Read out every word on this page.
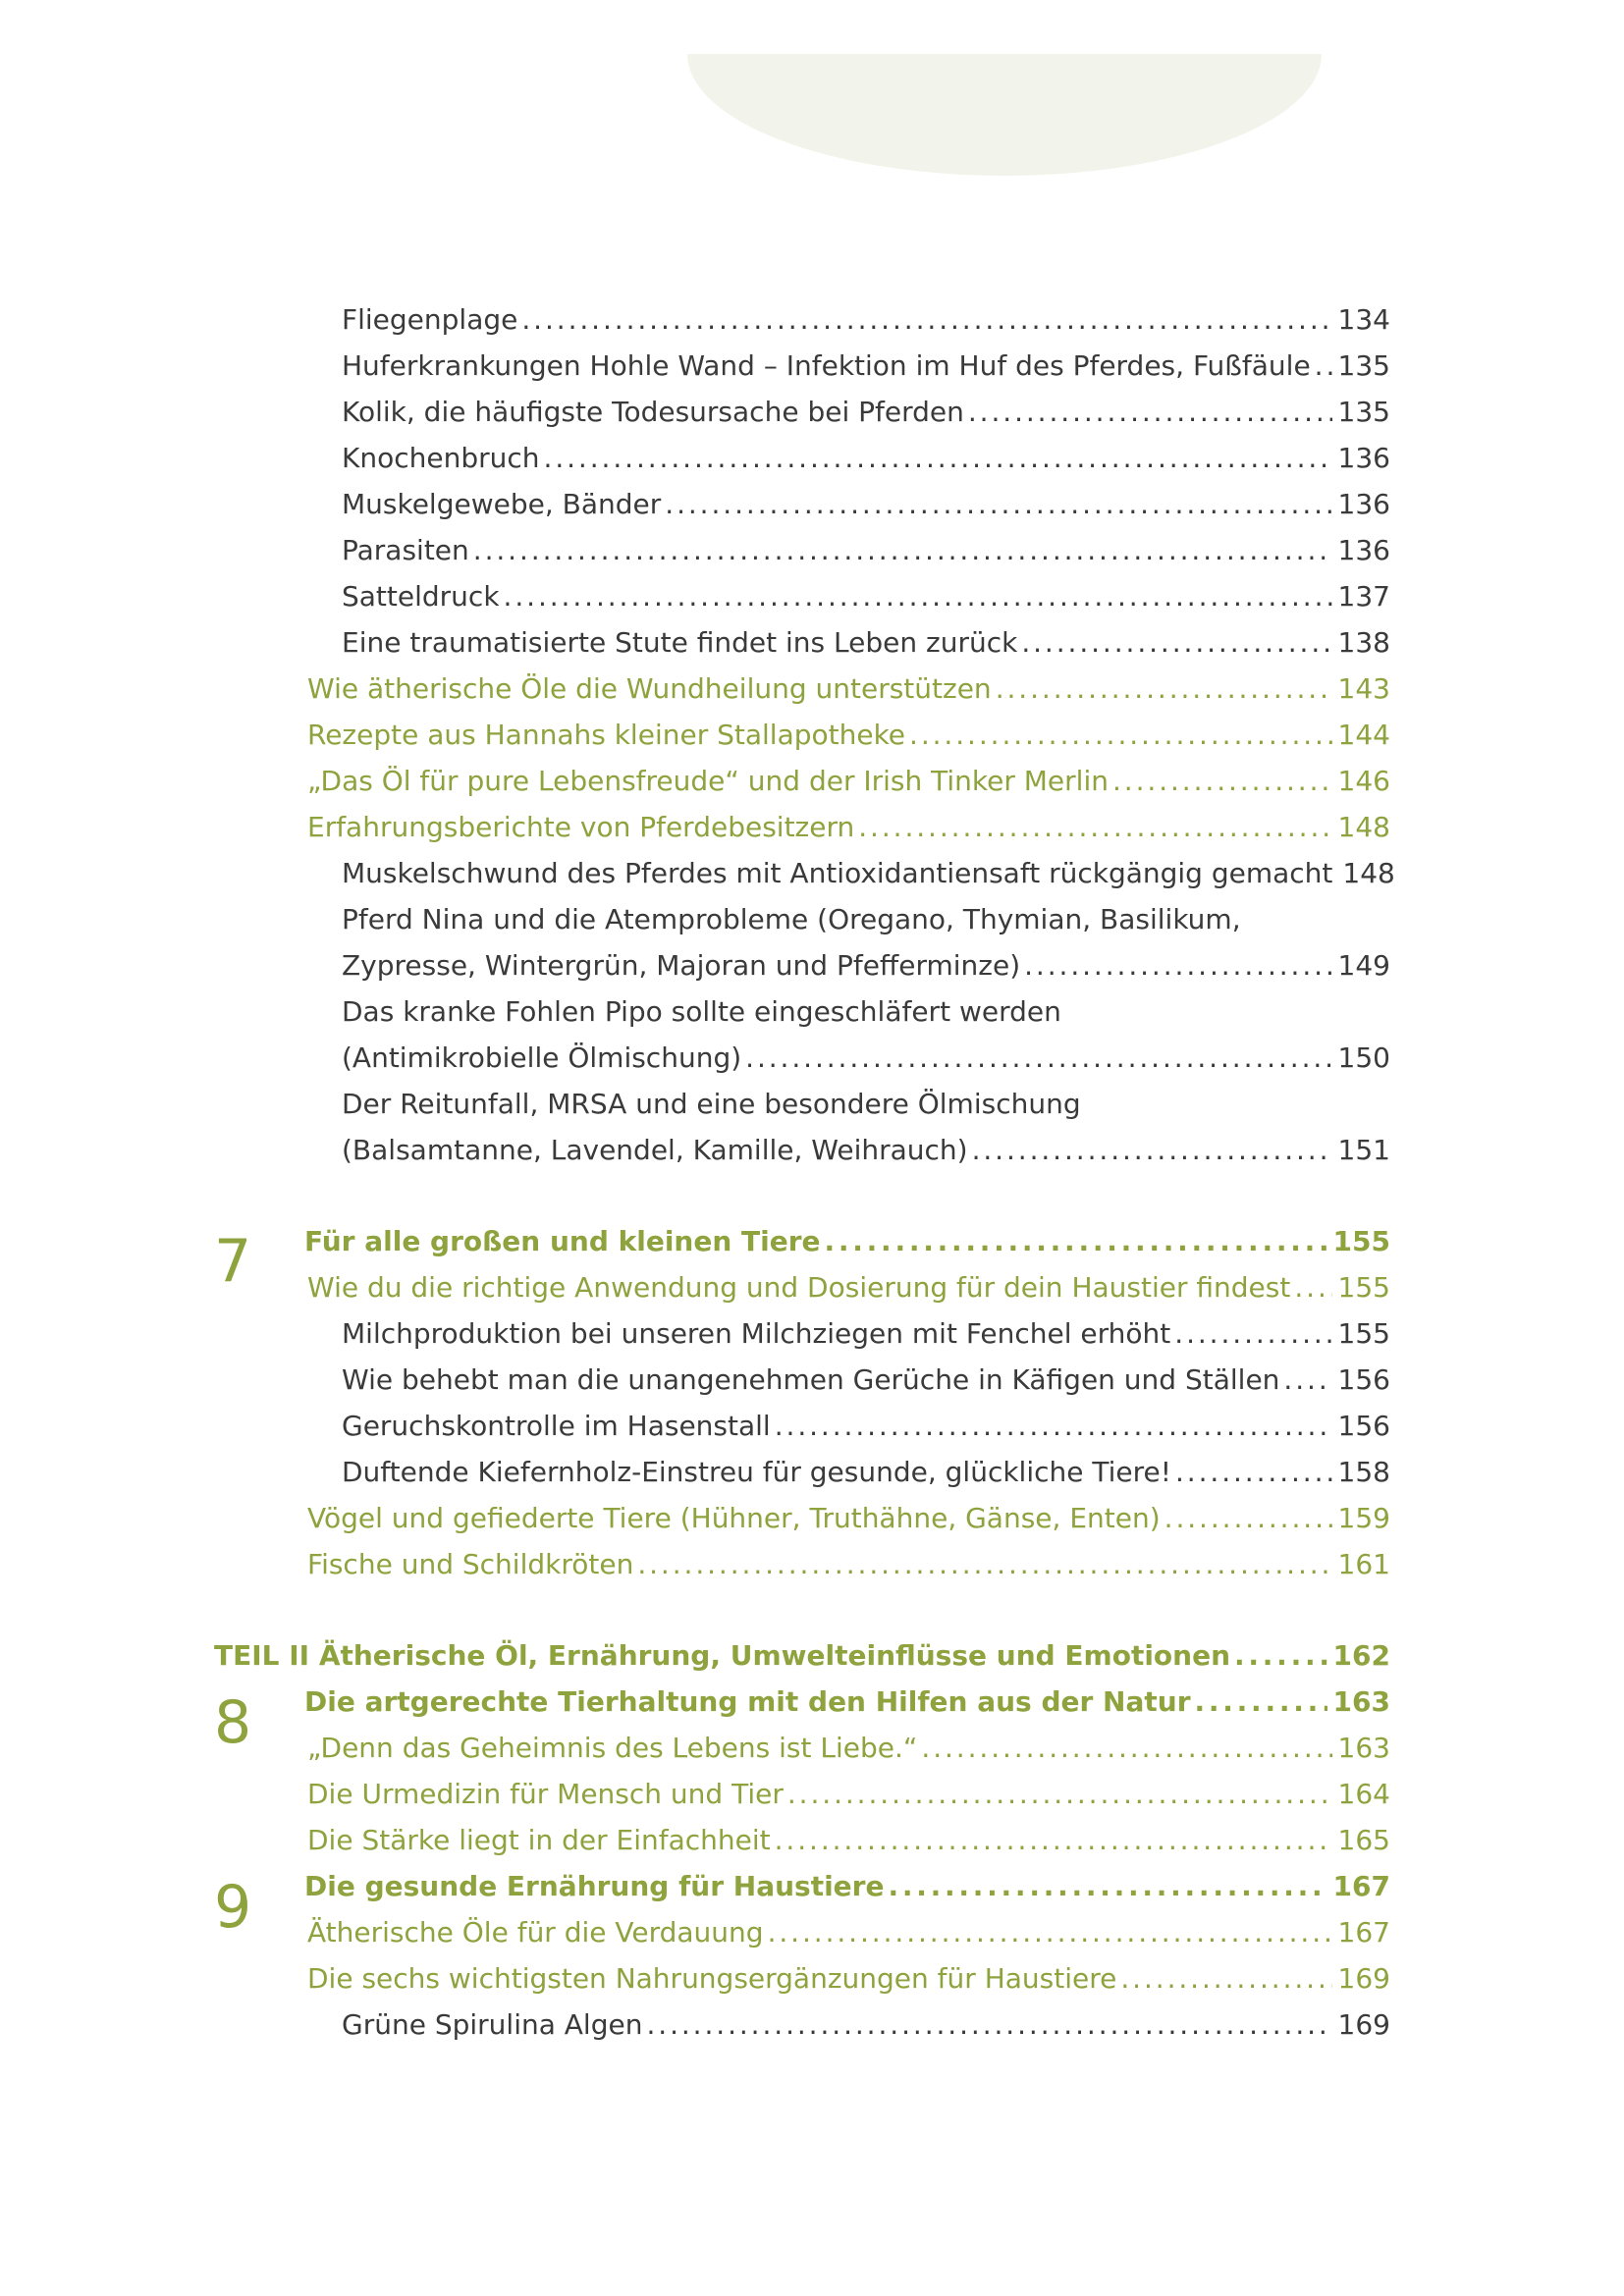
Fliegenplage . . .	134
Huferkrankungen Hohle Wand – Infektion im Huf des Pferdes, Fußfäule . . . 135
Kolik, die häufigste Todesursache bei Pferden . . .	135
Knochenbruch . . .	136
Muskelgewebe, Bänder . . .	136
Parasiten . . .	136
Satteldruck . . .	137
Eine traumatisierte Stute findet ins Leben zurück . . .	138
Wie ätherische Öle die Wundheilung unterstützen . . .	143
Rezepte aus Hannahs kleiner Stallapotheke . . .	144
„Das Öl für pure Lebensfreude“ und der Irish Tinker Merlin . . .	146
Erfahrungsberichte von Pferdebesitzern . . .	148
Muskelschwund des Pferdes mit Antioxidantiensaft rückgängig gemacht 148
Pferd Nina und die Atemprobleme (Oregano, Thymian, Basilikum,
Zypresse, Wintergrün, Majoran und Pfefferminze) . . .	149
Das kranke Fohlen Pipo sollte eingeschläfert werden
(Antimikrobielle Ölmischung) . . .	150
Der Reitunfall, MRSA und eine besondere Ölmischung
(Balsamtanne, Lavendel, Kamille, Weihrauch) . . .	151
7 Für alle großen und kleinen Tiere . . .	155
Wie du die richtige Anwendung und Dosierung für dein Haustier findest . . . 155
Milchproduktion bei unseren Milchziegen mit Fenchel erhöht . . .	155
Wie behebt man die unangenehmen Gerüche in Käfigen und Ställen . . . 156
Geruchskontrolle im Hasenstall . . .	156
Duftende Kiefernholz-Einstreu für gesunde, glückliche Tiere! . . .	158
Vögel und gefiederte Tiere (Hühner, Truthähne, Gänse, Enten) . . .	159
Fische und Schildkröten . . .	161
TEIL II Ätherische Öl, Ernährung, Umwelteinflüsse und Emotionen . . .	162
8 Die artgerechte Tierhaltung mit den Hilfen aus der Natur . . .	163
„Denn das Geheimnis des Lebens ist Liebe.“ . . .	163
Die Urmedizin für Mensch und Tier . . .	164
Die Stärke liegt in der Einfachheit . . .	165
9 Die gesunde Ernährung für Haustiere . . .	167
Ätherische Öle für die Verdauung . . .	167
Die sechs wichtigsten Nahrungsergänzungen für Haustiere . . .	169
Grüne Spirulina Algen . . .	169
